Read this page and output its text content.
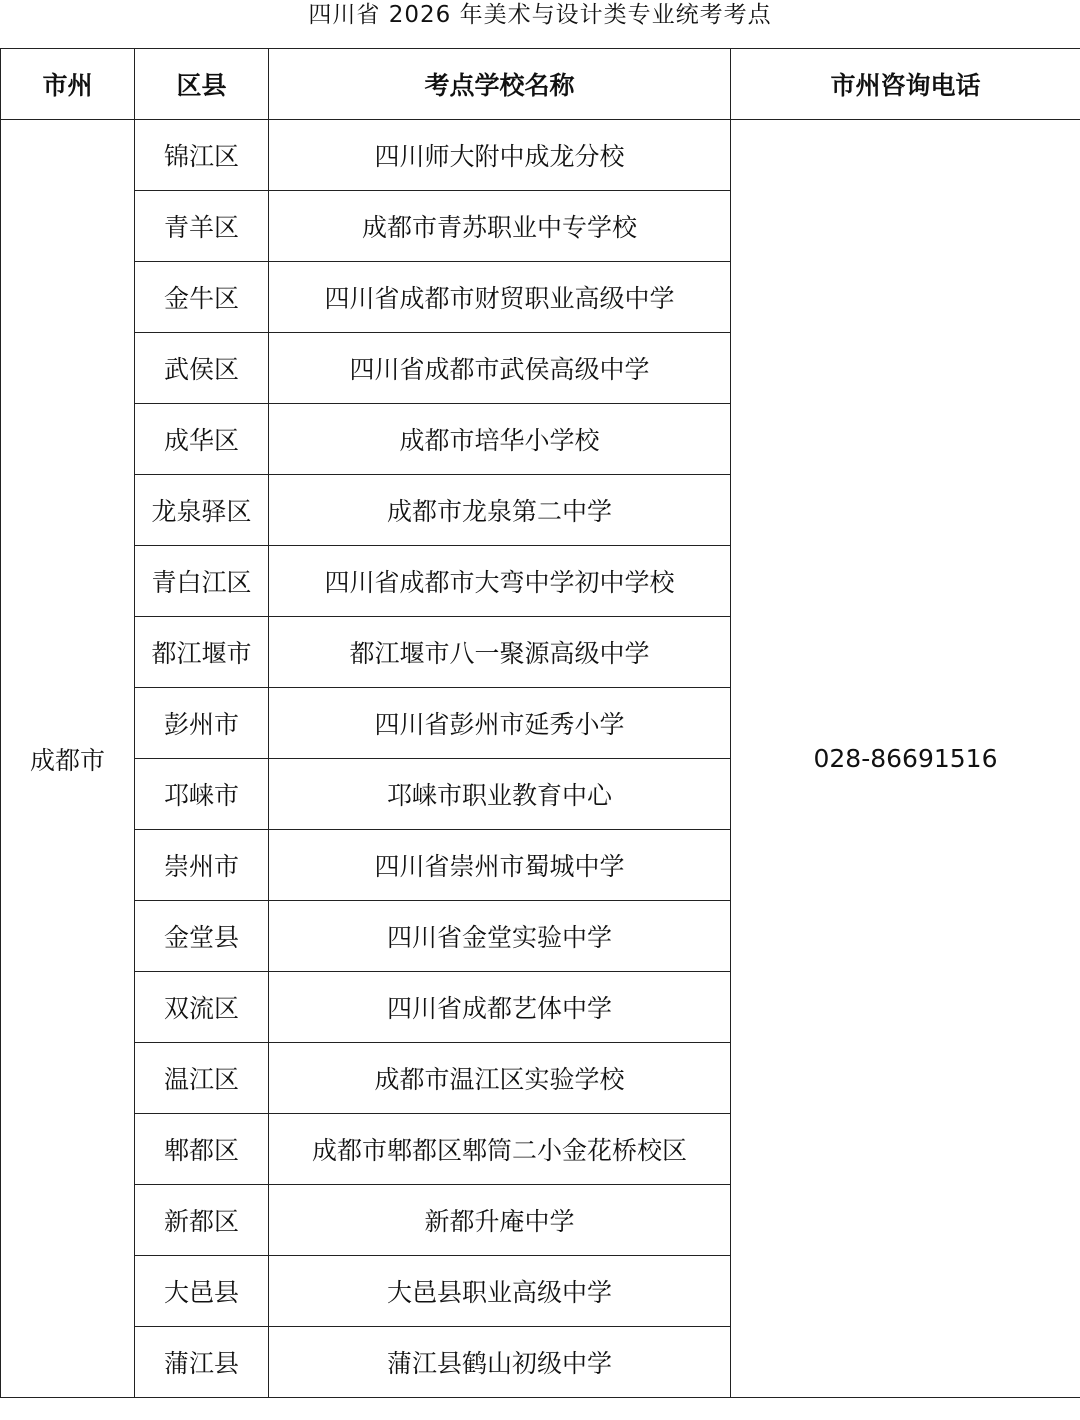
四川省 2026 年美术与设计类专业统考考点
市州	区县	考点学校名称	市州咨询电话
成都市	锦江区	四川师大附中成龙分校	028-86691516
	青羊区	成都市青苏职业中专学校	
	金牛区	四川省成都市财贸职业高级中学	
	武侯区	四川省成都市武侯高级中学	
	成华区	成都市培华小学校	
	龙泉驿区	成都市龙泉第二中学	
	青白江区	四川省成都市大弯中学初中学校	
	都江堰市	都江堰市八一聚源高级中学	
	彭州市	四川省彭州市延秀小学	
	邛崃市	邛崃市职业教育中心	
	崇州市	四川省崇州市蜀城中学	
	金堂县	四川省金堂实验中学	
	双流区	四川省成都艺体中学	
	温江区	成都市温江区实验学校	
	郫都区	成都市郫都区郫筒二小金花桥校区	
	新都区	新都升庵中学	
	大邑县	大邑县职业高级中学	
	蒲江县	蒲江县鹤山初级中学	
